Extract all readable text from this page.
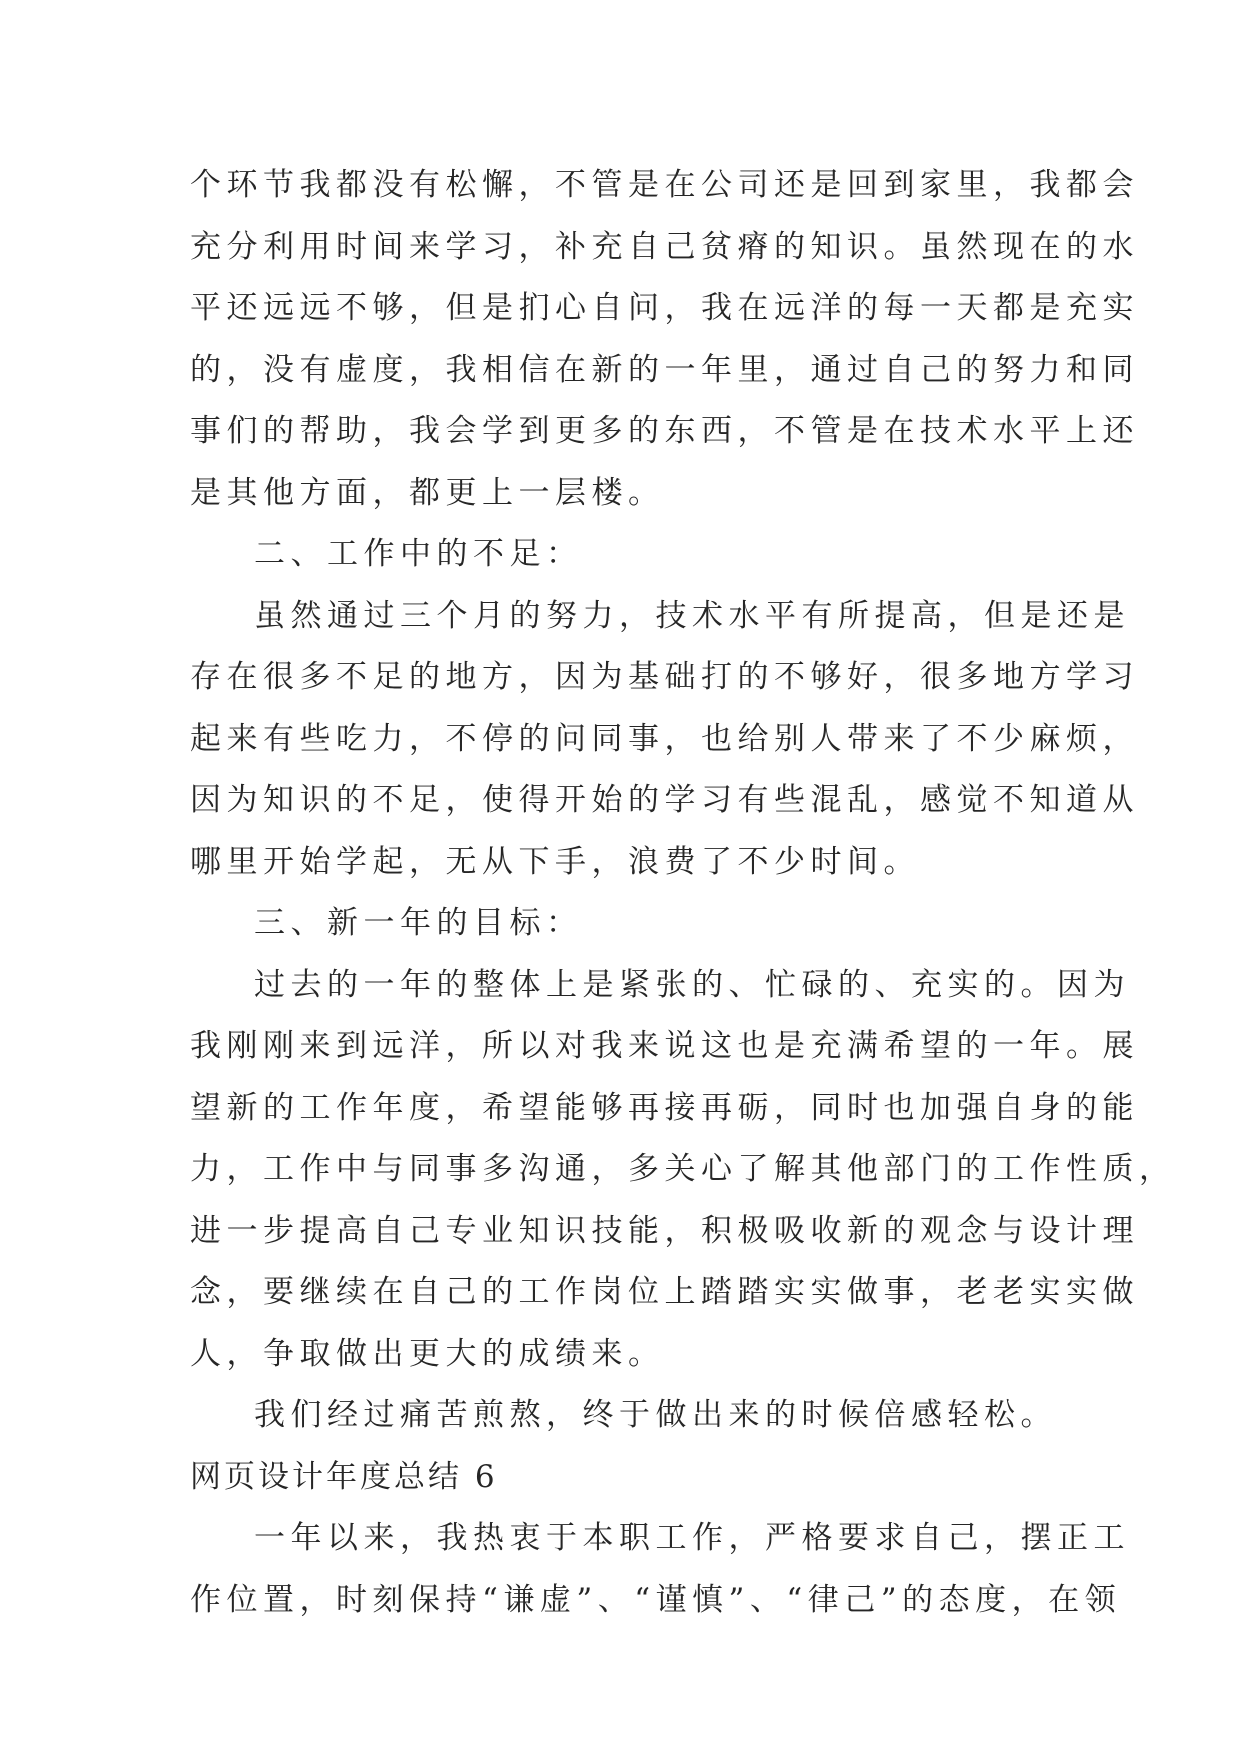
个环节我都没有松懈，不管是在公司还是回到家里，我都会
充分利用时间来学习，补充自己贫瘠的知识。虽然现在的水
平还远远不够，但是扪心自问，我在远洋的每一天都是充实
的，没有虚度，我相信在新的一年里，通过自己的努力和同
事们的帮助，我会学到更多的东西，不管是在技术水平上还
是其他方面，都更上一层楼。
二、工作中的不足：
虽然通过三个月的努力，技术水平有所提高，但是还是
存在很多不足的地方，因为基础打的不够好，很多地方学习
起来有些吃力，不停的问同事，也给别人带来了不少麻烦，
因为知识的不足，使得开始的学习有些混乱，感觉不知道从
哪里开始学起，无从下手，浪费了不少时间。
三、新一年的目标：
过去的一年的整体上是紧张的、忙碌的、充实的。因为
我刚刚来到远洋，所以对我来说这也是充满希望的一年。展
望新的工作年度，希望能够再接再砺，同时也加强自身的能
力，工作中与同事多沟通，多关心了解其他部门的工作性质，
进一步提高自己专业知识技能，积极吸收新的观念与设计理
念，要继续在自己的工作岗位上踏踏实实做事，老老实实做
人，争取做出更大的成绩来。
我们经过痛苦煎熬，终于做出来的时候倍感轻松。
网页设计年度总结 6
一年以来，我热衷于本职工作，严格要求自己，摆正工
作位置，时刻保持“谦虚”、“谨慎”、“律己”的态度，在领
